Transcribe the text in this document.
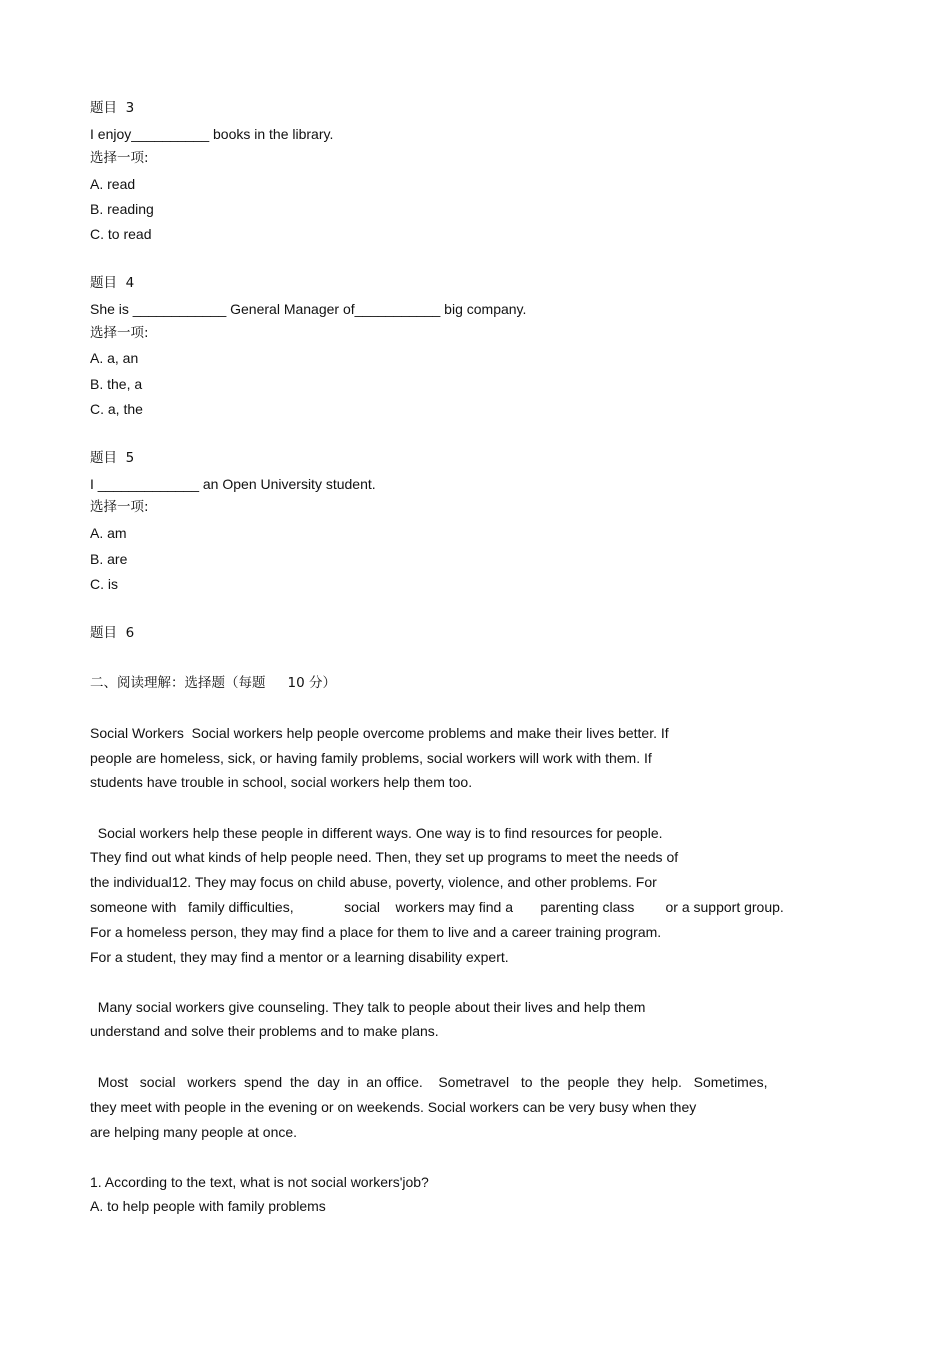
题目  3
I enjoy__________ books in the library.
选择一项:
A. read
B. reading
C. to read
题目  4
She is ____________ General Manager of___________ big company.
选择一项:
A. a, an
B. the, a
C. a, the
题目  5
I _____________ an Open University student.
选择一项:
A. am
B. are
C. is
题目  6
二、阅读理解：选择题（每题 10 分）
Social Workers  Social workers help people overcome problems and make their lives better. If
people are homeless, sick, or having family problems, social workers will work with them. If
students have trouble in school, social workers help them too.
Social workers help these people in different ways. One way is to find resources for people.
They find out what kinds of help people need. Then, they set up programs to meet the needs of
the individual12. They may focus on child abuse, poverty, violence, and other problems. For
someone with   family difficulties,             social    workers may find a       parenting class        or a support group.
For a homeless person, they may find a place for them to live and a career training program.
For a student, they may find a mentor or a learning disability expert.
Many social workers give counseling. They talk to people about their lives and help them
understand and solve their problems and to make plans.
Most   social   workers  spend  the  day  in  an office.    Sometravel   to  the  people  they  help.   Sometimes,
they meet with people in the evening or on weekends. Social workers can be very busy when they
are helping many people at once.
1. According to the text, what is not social workers'job?
A. to help people with family problems
